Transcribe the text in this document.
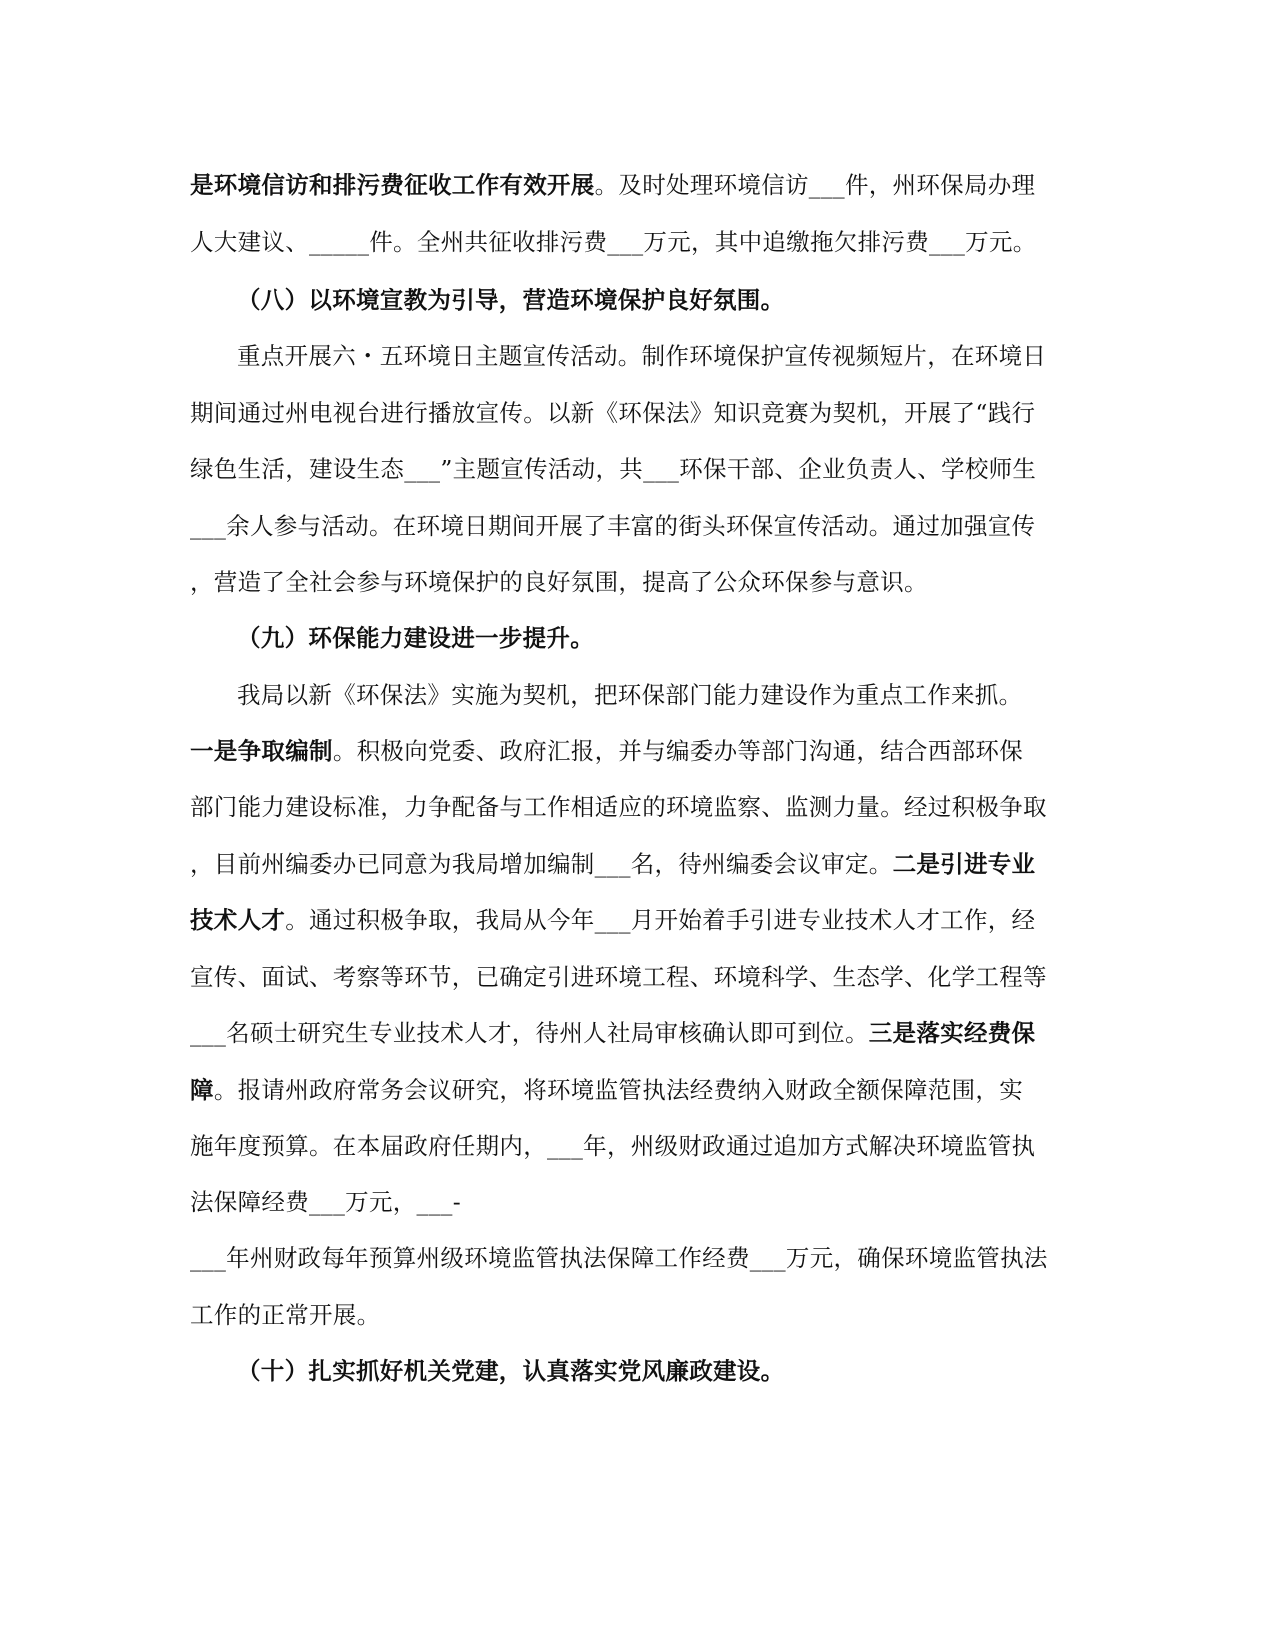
是环境信访和排污费征收工作有效开展。及时处理环境信访___件，州环保局办理
人大建议、_____件。全州共征收排污费___万元，其中追缴拖欠排污费___万元。
（八）以环境宣教为引导，营造环境保护良好氛围。
重点开展六・五环境日主题宣传活动。制作环境保护宣传视频短片，在环境日
期间通过州电视台进行播放宣传。以新《环保法》知识竞赛为契机，开展了“践行
绿色生活，建设生态___”主题宣传活动，共___环保干部、企业负责人、学校师生
___余人参与活动。在环境日期间开展了丰富的街头环保宣传活动。通过加强宣传
，营造了全社会参与环境保护的良好氛围，提高了公众环保参与意识。
（九）环保能力建设进一步提升。
我局以新《环保法》实施为契机，把环保部门能力建设作为重点工作来抓。
一是争取编制。积极向党委、政府汇报，并与编委办等部门沟通，结合西部环保
部门能力建设标准，力争配备与工作相适应的环境监察、监测力量。经过积极争取
，目前州编委办已同意为我局增加编制___名，待州编委会议审定。二是引进专业
技术人才。通过积极争取，我局从今年___月开始着手引进专业技术人才工作，经
宣传、面试、考察等环节，已确定引进环境工程、环境科学、生态学、化学工程等
___名硕士研究生专业技术人才，待州人社局审核确认即可到位。三是落实经费保
障。报请州政府常务会议研究，将环境监管执法经费纳入财政全额保障范围，实
施年度预算。在本届政府任期内，___年，州级财政通过追加方式解决环境监管执
法保障经费___万元，___-
___年州财政每年预算州级环境监管执法保障工作经费___万元，确保环境监管执法
工作的正常开展。
（十）扎实抓好机关党建，认真落实党风廉政建设。
